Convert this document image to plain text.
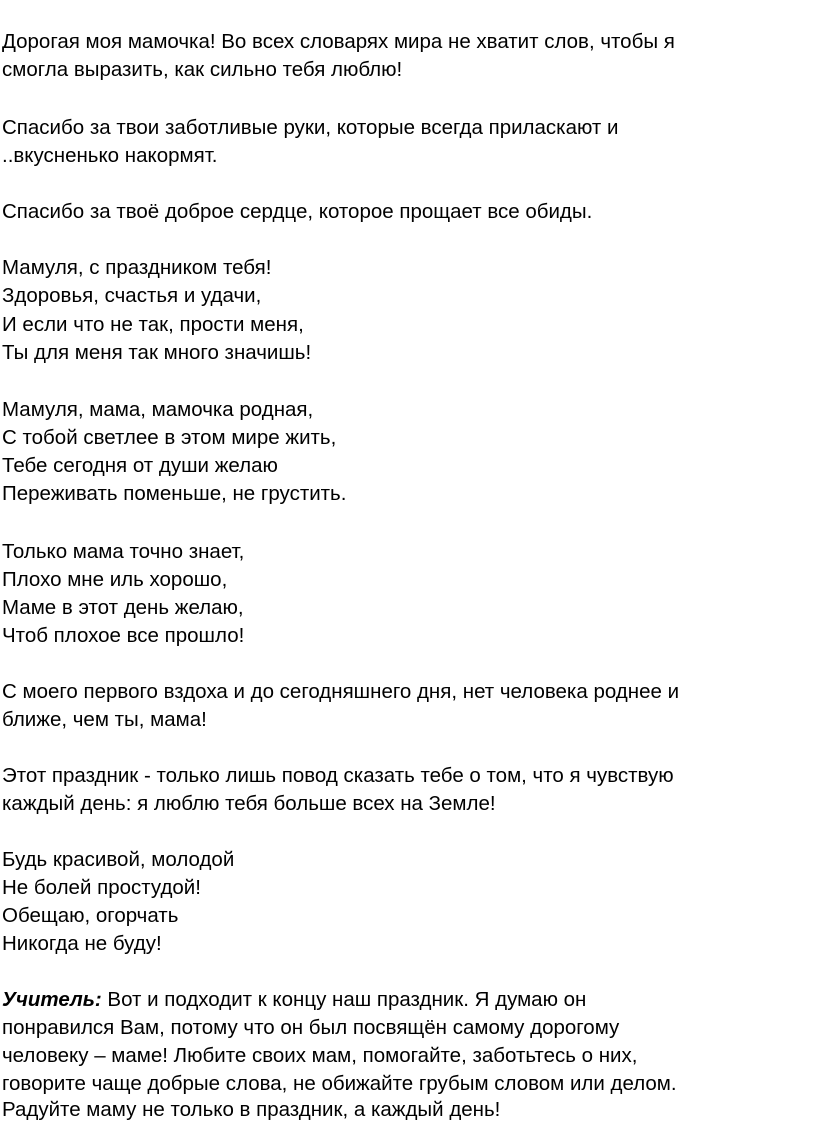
Дорогая моя мамочка! Во всех словарях мира не хватит слов, чтобы я
смогла выразить, как сильно тебя люблю!
Спасибо за твои заботливые руки, которые всегда приласкают и
..вкусненько накормят.
Спасибо за твоё доброе сердце, которое прощает все обиды.
Мамуля, с праздником тебя!
Здоровья, счастья и удачи,
И если что не так, прости меня,
Ты для меня так много значишь!
Мамуля, мама, мамочка родная,
С тобой светлее в этом мире жить,
Тебе сегодня от души желаю
Переживать поменьше, не грустить.
Только мама точно знает,
Плохо мне иль хорошо,
Маме в этот день желаю,
Чтоб плохое все прошло!
С моего первого вздоха и до сегодняшнего дня, нет человека роднее и
ближе, чем ты, мама!
Этот праздник - только лишь повод сказать тебе о том, что я чувствую
каждый день: я люблю тебя больше всех на Земле!
Будь красивой, молодой
Не болей простудой!
Обещаю, огорчать
Никогда не буду!
Учитель: Вот и подходит к концу наш праздник. Я думаю он
понравился Вам, потому что он был посвящён самому дорогому
человеку – маме! Любите своих мам, помогайте, заботьтесь о них,
говорите чаще добрые слова, не обижайте грубым словом или делом.
Радуйте маму не только в праздник, а каждый день!
